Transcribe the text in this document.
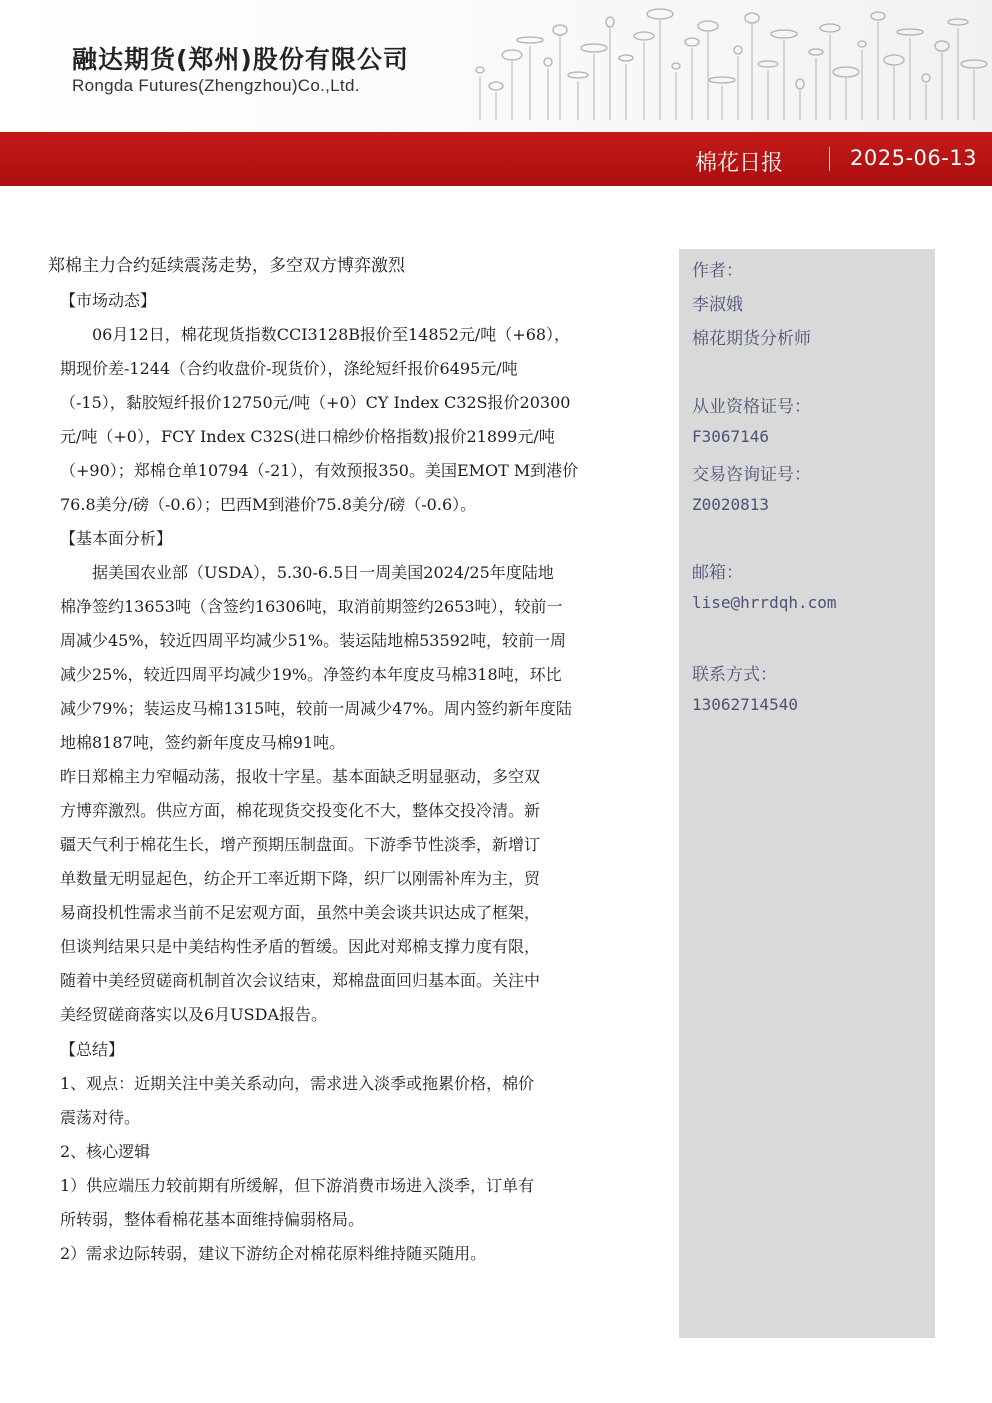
融达期货(郑州)股份有限公司
Rongda Futures(Zhengzhou)Co.,Ltd.
棉花日报	2025-06-13
郑棉主力合约延续震荡走势，多空双方博弈激烈
【市场动态】
　　06月12日，棉花现货指数CCI3128B报价至14852元/吨（+68），
期现价差-1244（合约收盘价-现货价），涤纶短纤报价6495元/吨
（-15），黏胶短纤报价12750元/吨（+0）CY Index C32S报价20300
元/吨（+0），FCY Index C32S(进口棉纱价格指数)报价21899元/吨
（+90）；郑棉仓单10794（-21），有效预报350。美国EMOT M到港价
76.8美分/磅（-0.6）；巴西M到港价75.8美分/磅（-0.6）。
【基本面分析】
　　据美国农业部（USDA），5.30-6.5日一周美国2024/25年度陆地
棉净签约13653吨（含签约16306吨，取消前期签约2653吨），较前一
周减少45%，较近四周平均减少51%。装运陆地棉53592吨，较前一周
减少25%，较近四周平均减少19%。净签约本年度皮马棉318吨，环比
减少79%；装运皮马棉1315吨，较前一周减少47%。周内签约新年度陆
地棉8187吨，签约新年度皮马棉91吨。
昨日郑棉主力窄幅动荡，报收十字星。基本面缺乏明显驱动，多空双
方博弈激烈。供应方面，棉花现货交投变化不大，整体交投冷清。新
疆天气利于棉花生长，增产预期压制盘面。下游季节性淡季，新增订
单数量无明显起色，纺企开工率近期下降，织厂以刚需补库为主，贸
易商投机性需求当前不足宏观方面，虽然中美会谈共识达成了框架，
但谈判结果只是中美结构性矛盾的暂缓。因此对郑棉支撑力度有限，
随着中美经贸磋商机制首次会议结束，郑棉盘面回归基本面。关注中
美经贸磋商落实以及6月USDA报告。
【总结】
1、观点：近期关注中美关系动向，需求进入淡季或拖累价格，棉价
震荡对待。
2、核心逻辑
1）供应端压力较前期有所缓解，但下游消费市场进入淡季，订单有
所转弱，整体看棉花基本面维持偏弱格局。
2）需求边际转弱，建议下游纺企对棉花原料维持随买随用。
作者：
李淑娥
棉花期货分析师
从业资格证号：
F3067146
交易咨询证号：
Z0020813
邮箱：
lise@hrrdqh.com
联系方式：
13062714540
